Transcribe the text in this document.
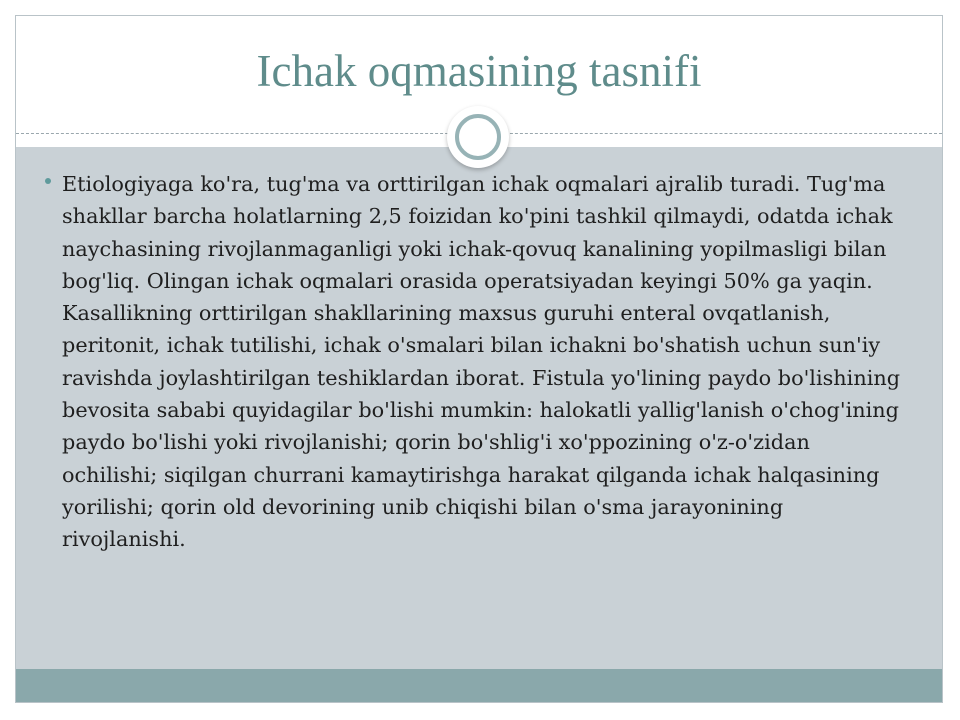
Ichak oqmasining tasnifi
Etiologiyaga ko'ra, tug'ma va orttirilgan ichak oqmalari ajralib turadi. Tug'ma shakllar barcha holatlarning 2,5 foizidan ko'pini tashkil qilmaydi, odatda ichak naychasining rivojlanmaganligi yoki ichak-qovuq kanalining yopilmasligi bilan bog'liq. Olingan ichak oqmalari orasida operatsiyadan keyingi 50% ga yaqin. Kasallikning orttirilgan shakllarining maxsus guruhi enteral ovqatlanish, peritonit, ichak tutilishi, ichak o'smalari bilan ichakni bo'shatish uchun sun'iy ravishda joylashtirilgan teshiklardan iborat. Fistula yo'lining paydo bo'lishining bevosita sababi quyidagilar bo'lishi mumkin: halokatli yallig'lanish o'chog'ining paydo bo'lishi yoki rivojlanishi; qorin bo'shlig'i xo'ppozining o'z-o'zidan ochilishi; siqilgan churrani kamaytirishga harakat qilganda ichak halqasining yorilishi; qorin old devorining unib chiqishi bilan o'sma jarayonining rivojlanishi.
